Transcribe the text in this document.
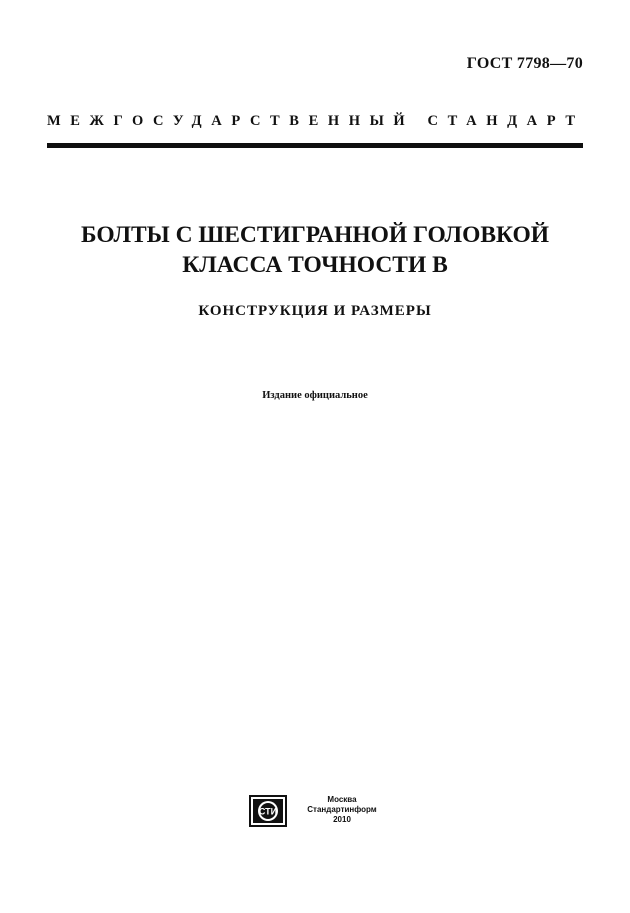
ГОСТ 7798—70
МЕЖГОСУДАРСТВЕННЫЙ СТАНДАРТ
БОЛТЫ С ШЕСТИГРАННОЙ ГОЛОВКОЙ
КЛАССА ТОЧНОСТИ В
КОНСТРУКЦИЯ И РАЗМЕРЫ
Издание официальное
СТИ
Москва
Стандартинформ
2010
